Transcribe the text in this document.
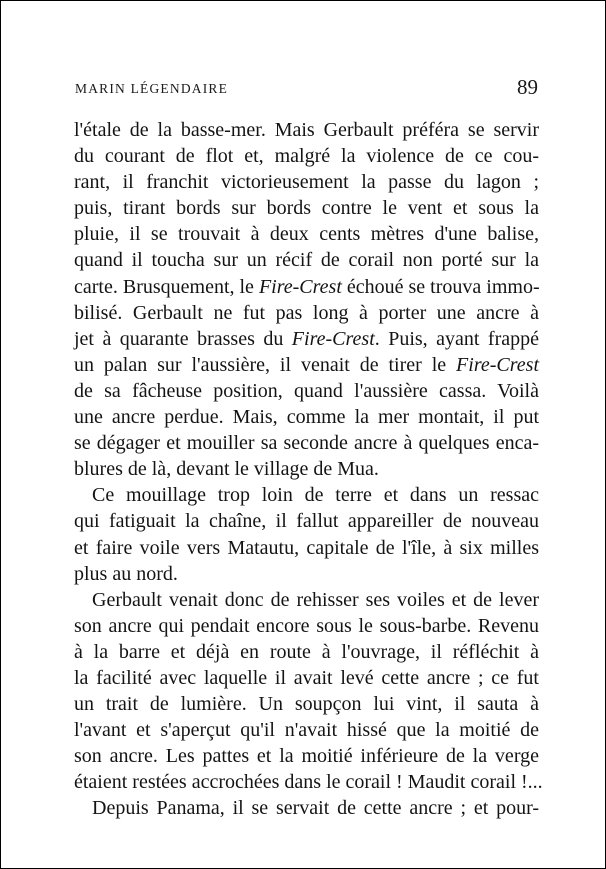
MARIN LÉGENDAIRE	89
l'étale de la basse-mer. Mais Gerbault préféra se servir
du courant de flot et, malgré la violence de ce cou-
rant, il franchit victorieusement la passe du lagon ;
puis, tirant bords sur bords contre le vent et sous la
pluie, il se trouvait à deux cents mètres d'une balise,
quand il toucha sur un récif de corail non porté sur la
carte. Brusquement, le Fire-Crest échoué se trouva immo-
bilisé. Gerbault ne fut pas long à porter une ancre à
jet à quarante brasses du Fire-Crest. Puis, ayant frappé
un palan sur l'aussière, il venait de tirer le Fire-Crest
de sa fâcheuse position, quand l'aussière cassa. Voilà
une ancre perdue. Mais, comme la mer montait, il put
se dégager et mouiller sa seconde ancre à quelques enca-
blures de là, devant le village de Mua.
Ce mouillage trop loin de terre et dans un ressac
qui fatiguait la chaîne, il fallut appareiller de nouveau
et faire voile vers Matautu, capitale de l'île, à six milles
plus au nord.
Gerbault venait donc de rehisser ses voiles et de lever
son ancre qui pendait encore sous le sous-barbe. Revenu
à la barre et déjà en route à l'ouvrage, il réfléchit à
la facilité avec laquelle il avait levé cette ancre ; ce fut
un trait de lumière. Un soupçon lui vint, il sauta à
l'avant et s'aperçut qu'il n'avait hissé que la moitié de
son ancre. Les pattes et la moitié inférieure de la verge
étaient restées accrochées dans le corail ! Maudit corail !...
Depuis Panama, il se servait de cette ancre ; et pour-
